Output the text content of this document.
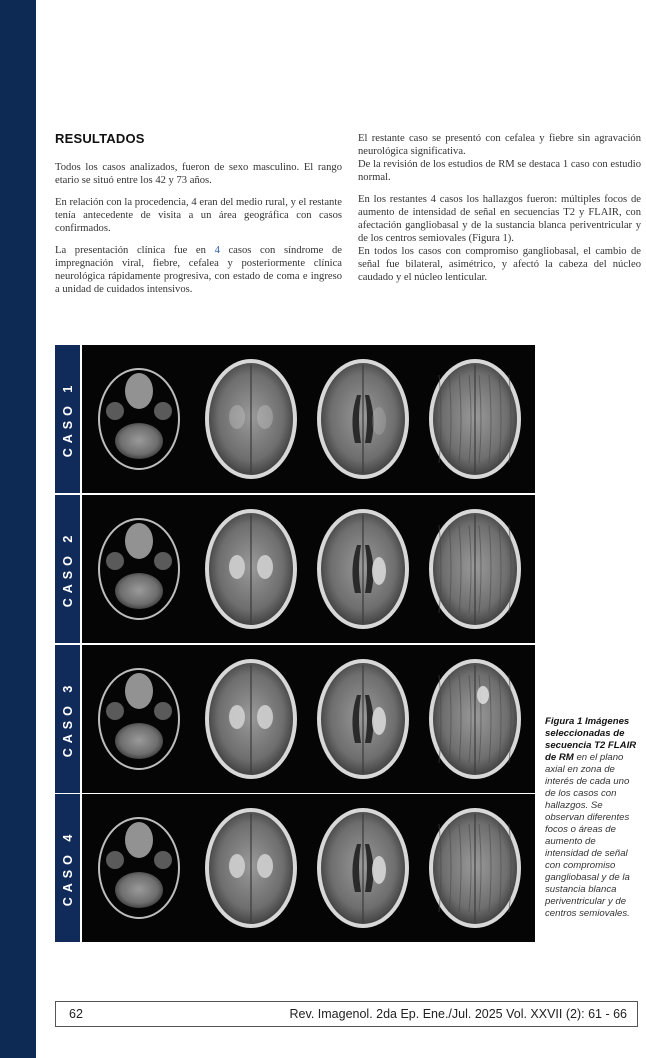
RESULTADOS

Todos los casos analizados, fueron de sexo masculino. El rango etario se situó entre los 42 y 73 años.

En relación con la procedencia, 4 eran del medio rural, y el restante tenía antecedente de visita a un área geográfica con casos confirmados.

La presentación clínica fue en 4 casos con síndrome de impregnación viral, fiebre, cefalea y posteriormente clínica neurológica rápidamente progresiva, con estado de coma e ingreso a unidad de cuidados intensivos.

El restante caso se presentó con cefalea y fiebre sin agravación neurológica significativa.

De la revisión de los estudios de RM se destaca 1 caso con estudio normal.

En los restantes 4 casos los hallazgos fueron: múltiples focos de aumento de intensidad de señal en secuencias T2 y FLAIR, con afectación gangliobasal y de la sustancia blanca periventricular y de los centros semiovales (Figura 1).

En todos los casos con compromiso gangliobasal, el cambio de señal fue bilateral, asimétrico, y afectó la cabeza del núcleo caudado y el núcleo lenticular.

CASO 1
CASO 2
CASO 3
CASO 4
Figura 1 Imágenes seleccionadas de secuencia T2 FLAIR de RM en el plano axial en zona de interés de cada uno de los casos con hallazgos. Se observan diferentes focos o áreas de aumento de intensidad de señal con compromiso gangliobasal y de la sustancia blanca periventricular y de centros semiovales.
62	Rev. Imagenol. 2da Ep. Ene./Jul. 2025 Vol. XXVII (2): 61 - 66
